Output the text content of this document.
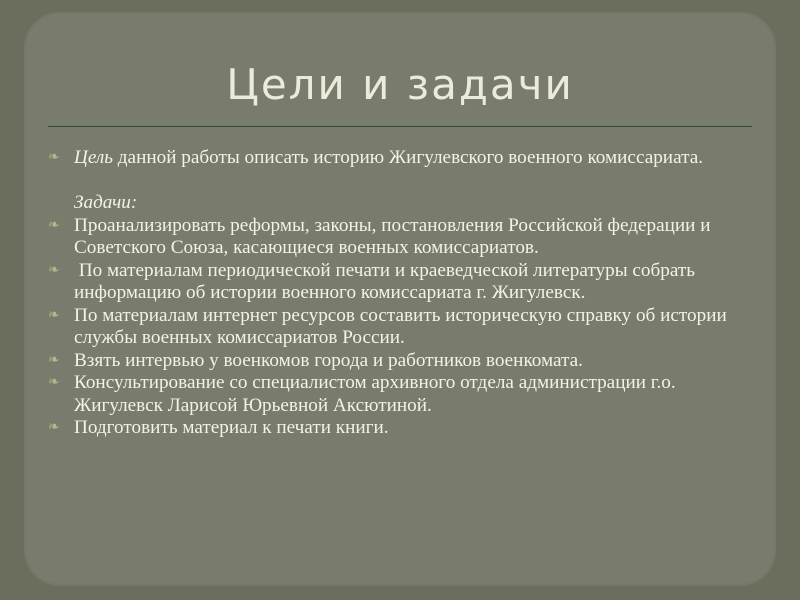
Цели и задачи
❧ Цель данной работы описать историю Жигулевского военного комиссариата.
Задачи:
❧ Проанализировать реформы, законы, постановления Российской федерации и Советского Союза, касающиеся военных комиссариатов.
❧ По материалам периодической печати и краеведческой литературы собрать информацию об истории военного комиссариата г. Жигулевск.
❧ По материалам интернет ресурсов составить историческую справку об истории службы военных комиссариатов России.
❧ Взять интервью у военкомов города и работников военкомата.
❧ Консультирование со специалистом архивного отдела администрации г.о. Жигулевск Ларисой Юрьевной Аксютиной.
❧ Подготовить материал к печати книги.
